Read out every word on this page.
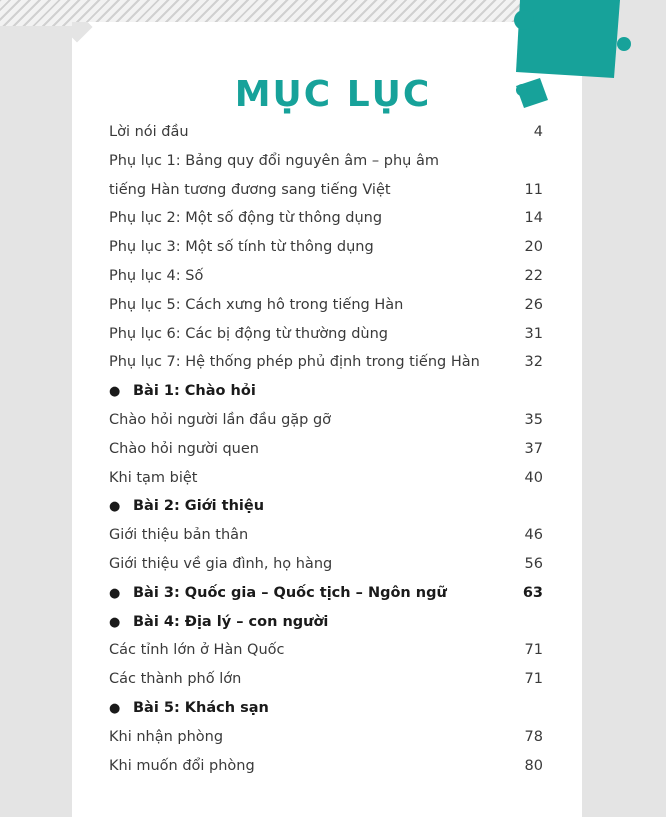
MỤC LỤC
Lời nói đầu	4
Phụ lục 1: Bảng quy đổi nguyên âm – phụ âm
tiếng Hàn tương đương sang tiếng Việt	11
Phụ lục 2: Một số động từ thông dụng	14
Phụ lục 3: Một số tính từ thông dụng	20
Phụ lục 4: Số	22
Phụ lục 5: Cách xưng hô trong tiếng Hàn	26
Phụ lục 6: Các bị động từ thường dùng	31
Phụ lục 7: Hệ thống phép phủ định trong tiếng Hàn	32
● Bài 1: Chào hỏi
Chào hỏi người lần đầu gặp gỡ	35
Chào hỏi người quen	37
Khi tạm biệt	40
● Bài 2: Giới thiệu
Giới thiệu bản thân	46
Giới thiệu về gia đình, họ hàng	56
● Bài 3: Quốc gia – Quốc tịch – Ngôn ngữ	63
● Bài 4: Địa lý – con người
Các tỉnh lớn ở Hàn Quốc	71
Các thành phố lớn	71
● Bài 5: Khách sạn
Khi nhận phòng	78
Khi muốn đổi phòng	80
